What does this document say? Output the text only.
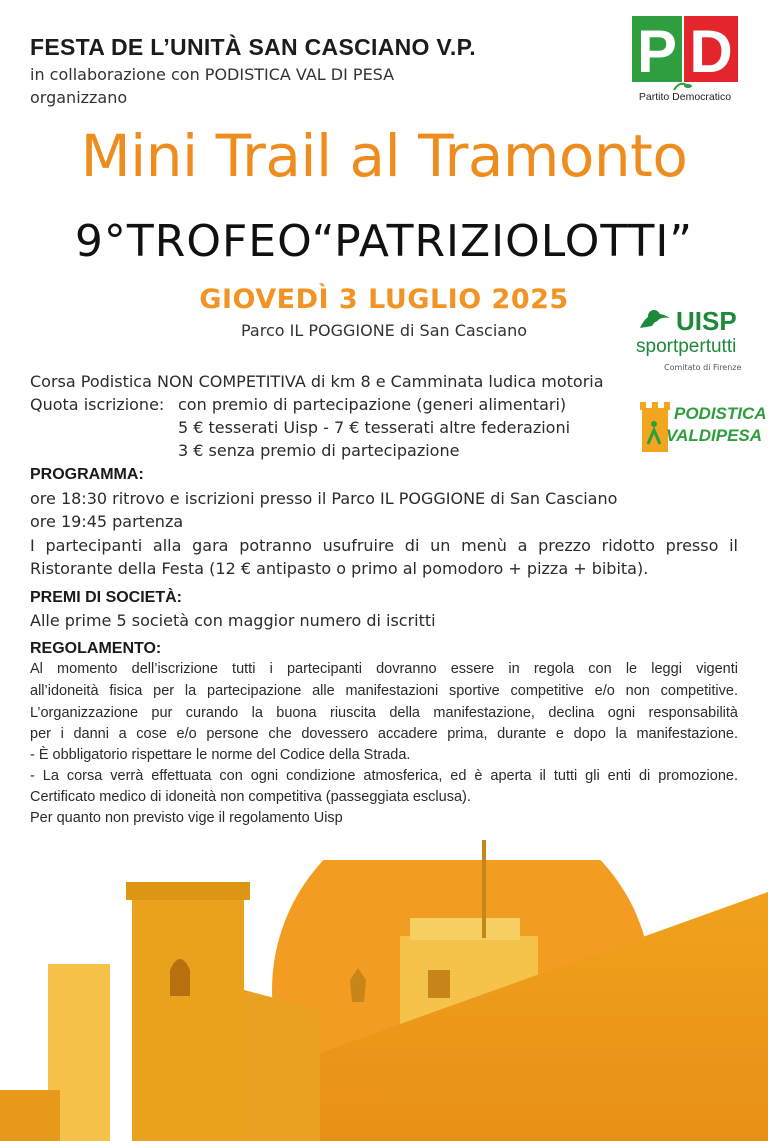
FESTA DE L’UNITÀ SAN CASCIANO V.P.
in collaborazione con PODISTICA VAL DI PESA
organizzano
P D
Partito Democratico
Mini Trail al Tramonto
9°TROFEO“PATRIZIOLOTTI”
GIOVEDÌ 3 LUGLIO 2025
Parco IL POGGIONE di San Casciano	UISP
sportpertutti
Comitato di Firenze
PODISTICA
VALDIPESA
Corsa Podistica NON COMPETITIVA di km 8 e Camminata ludica motoria
Quota iscrizione: con premio di partecipazione (generi alimentari)
5 € tesserati Uisp - 7 € tesserati altre federazioni
3 € senza premio di partecipazione
PROGRAMMA:
ore 18:30 ritrovo e iscrizioni presso il Parco IL POGGIONE di San Casciano
ore 19:45 partenza
I partecipanti alla gara potranno usufruire di un menù a prezzo ridotto presso il
Ristorante della Festa (12 € antipasto o primo al pomodoro + pizza + bibita).
PREMI DI SOCIETÀ:
Alle prime 5 società con maggior numero di iscritti
REGOLAMENTO:
Al momento dell’iscrizione tutti i partecipanti dovranno essere in regola con le leggi vigenti
all’idoneità fisica per la partecipazione alle manifestazioni sportive competitive e/o non competitive.
L’organizzazione pur curando la buona riuscita della manifestazione, declina ogni responsabilità
per i danni a cose e/o persone che dovessero accadere prima, durante e dopo la manifestazione.
- È obbligatorio rispettare le norme del Codice della Strada.
- La corsa verrà effettuata con ogni condizione atmosferica, ed è aperta il tutti gli enti di promozione.
Certificato medico di idoneità non competitiva (passeggiata esclusa).
Per quanto non previsto vige il regolamento Uisp
